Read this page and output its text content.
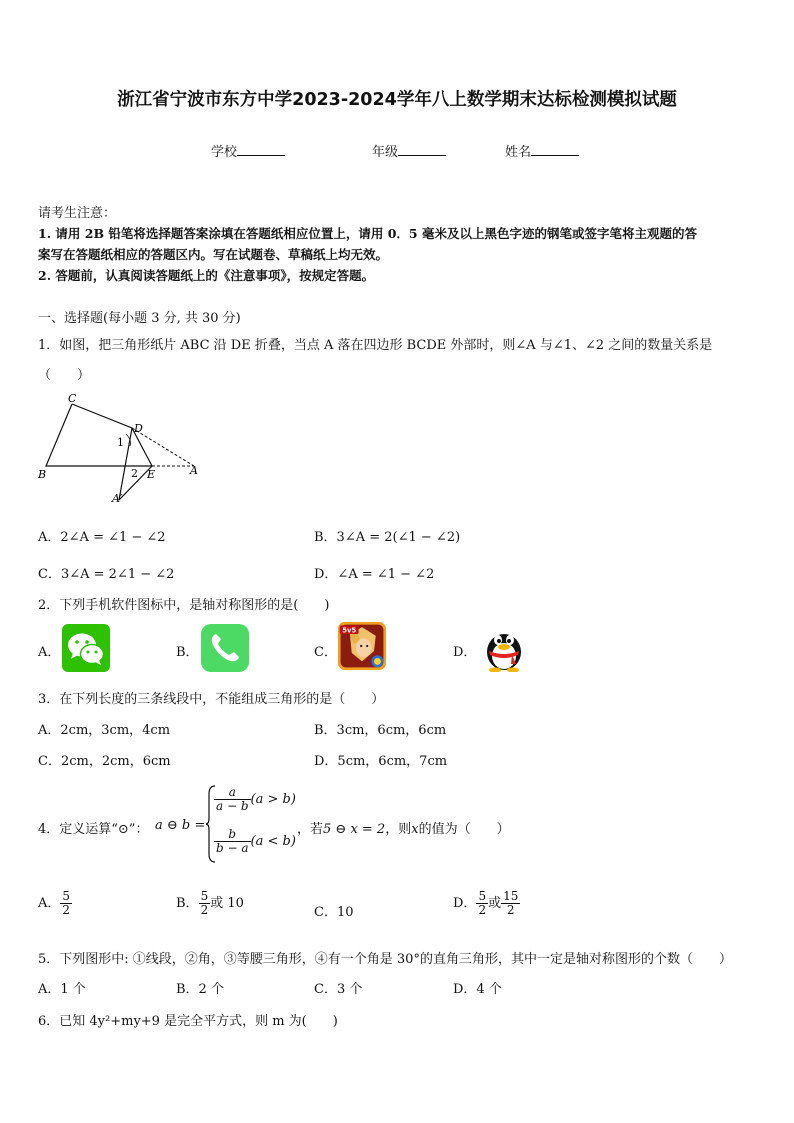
浙江省宁波市东方中学2023-2024学年八上数学期末达标检测模拟试题
学校	年级	姓名
请考生注意：
1. 请用 2B 铅笔将选择题答案涂填在答题纸相应位置上，请用 0．5 毫米及以上黑色字迹的钢笔或签字笔将主观题的答
案写在答题纸相应的答题区内。写在试题卷、草稿纸上均无效。
2. 答题前，认真阅读答题纸上的《注意事项》，按规定答题。
一、选择题(每小题 3 分, 共 30 分)
1．如图，把三角形纸片 ABC 沿 DE 折叠，当点 A 落在四边形 BCDE 外部时，则∠A 与∠1、∠2 之间的数量关系是
（　　）
C
D
B	E	A
A′
1
2
A．2∠A = ∠1 − ∠2	B．3∠A = 2(∠1 − ∠2)
C．3∠A = 2∠1 − ∠2	D．∠A = ∠1 − ∠2
2．下列手机软件图标中，是轴对称图形的是(　　)
A．	B．	C．
5v5
D．
3．在下列长度的三条线段中，不能组成三角形的是（　　）
A．2cm，3cm，4cm	B．3cm，6cm，6cm
C．2cm，2cm，6cm	D．5cm，6cm，7cm
4．定义运算“⊙”： a ⊖ b =
$\frac{a}{a - b} (a > b)$
$\frac{b}{b - a} (a < b)$
，若5 ⊖ x = 2，则x的值为（　　）
A． $\frac{5}{2}$	B． $\frac{5}{2}$ 或 10
C．10
D． $\frac{5}{2}$ 或 $\frac{15}{2}$
5．下列图形中: ①线段，②角，③等腰三角形，④有一个角是 30°的直角三角形，其中一定是轴对称图形的个数（　　）
A．1 个	B．2 个	C．3 个	D．4 个
6．已知 4y²+my+9 是完全平方式，则 m 为(　　)
